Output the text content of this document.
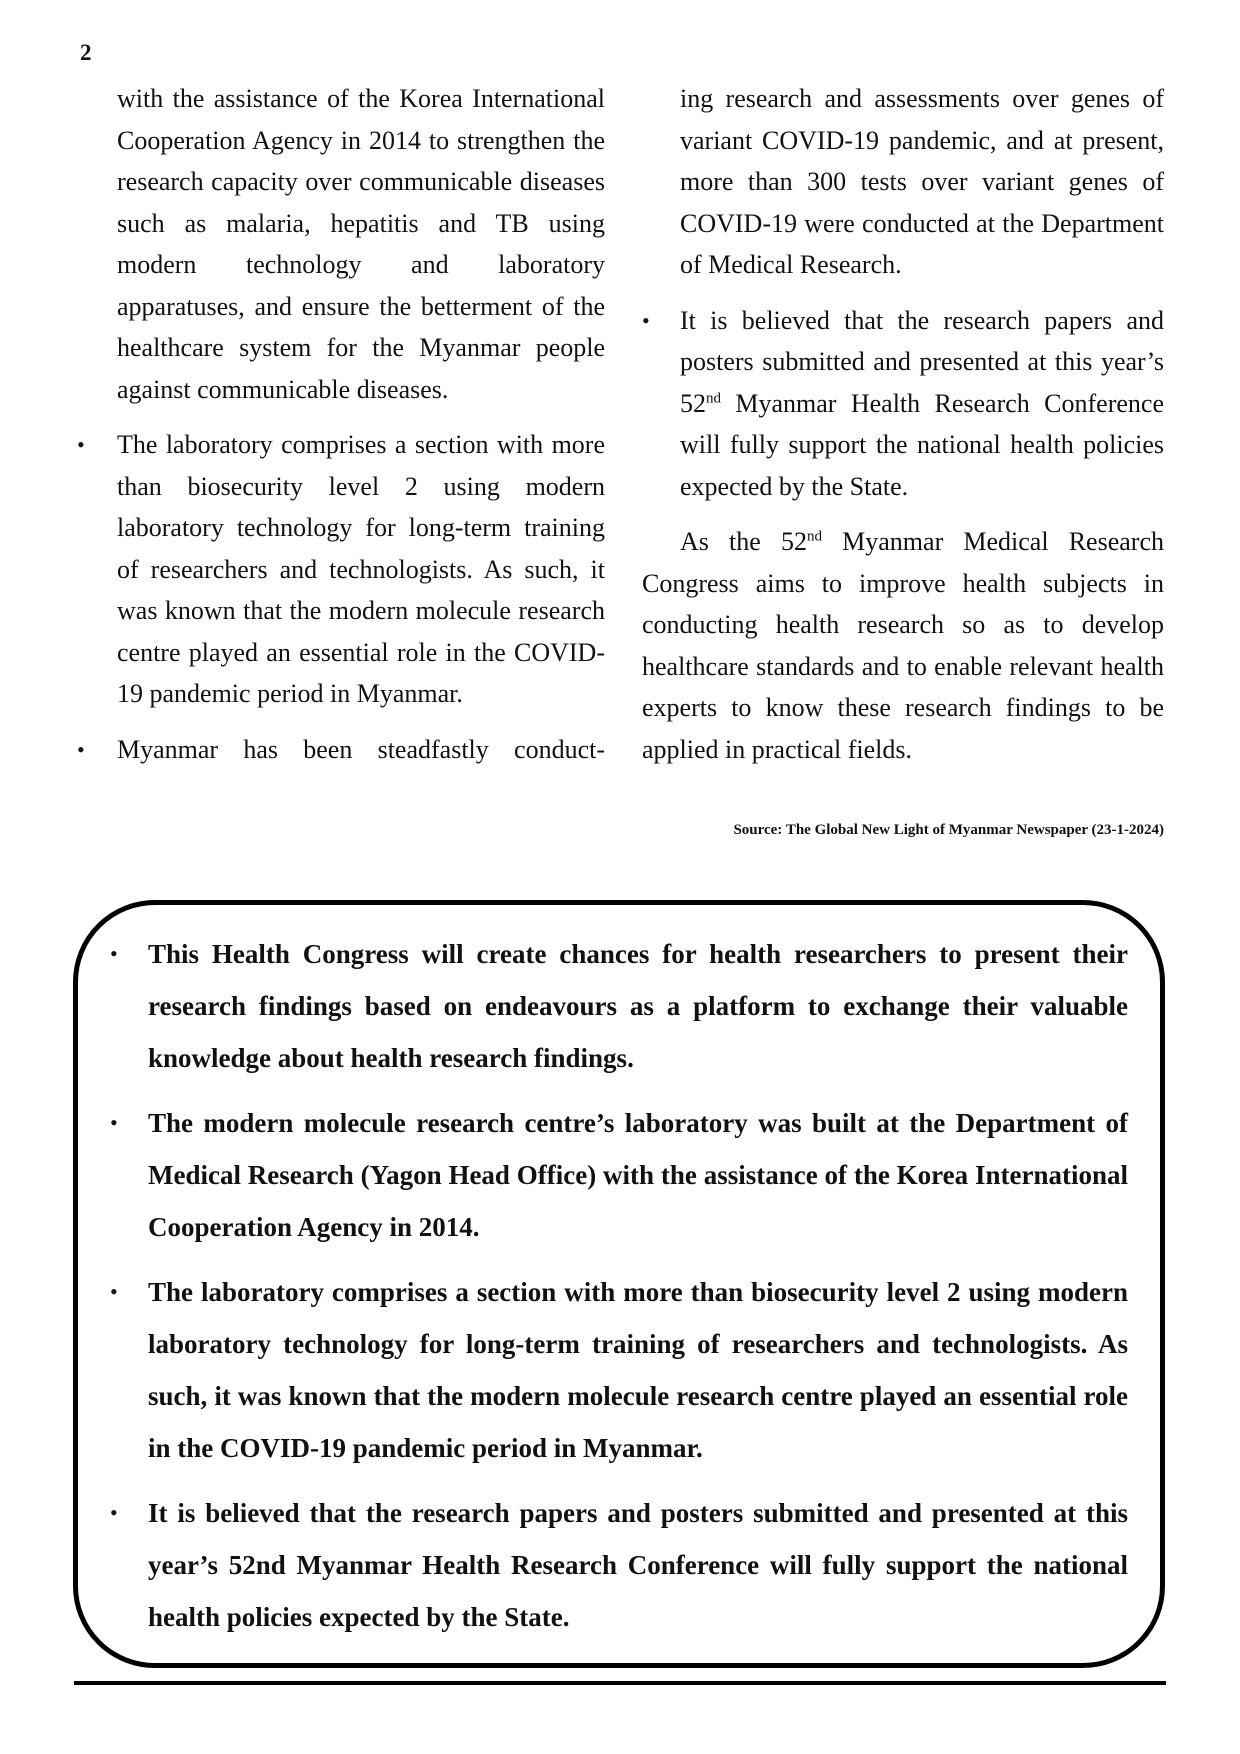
2

with the assistance of the Korea International Cooperation Agency in 2014 to strengthen the research capacity over communicable diseases such as malaria, hepatitis and TB using modern technology and laboratory apparatuses, and ensure the betterment of the healthcare system for the Myanmar people against communicable diseases.

• The laboratory comprises a section with more than biosecurity level 2 using modern laboratory technology for long-term training of researchers and technologists. As such, it was known that the modern molecule research centre played an essential role in the COVID-19 pandemic period in Myanmar.
• Myanmar has been steadfastly conduct-

ing research and assessments over genes of variant COVID-19 pandemic, and at present, more than 300 tests over variant genes of COVID-19 were conducted at the Department of Medical Research.

• It is believed that the research papers and posters submitted and presented at this year’s 52nd Myanmar Health Research Conference will fully support the national health policies expected by the State.

As the 52nd Myanmar Medical Research Congress aims to improve health subjects in conducting health research so as to develop healthcare standards and to enable relevant health experts to know these research findings to be applied in practical fields.

Source: The Global New Light of Myanmar Newspaper (23-1-2024)
• This Health Congress will create chances for health researchers to present their research findings based on endeavours as a platform to exchange their valuable knowledge about health research findings.
• The modern molecule research centre’s laboratory was built at the Department of Medical Research (Yagon Head Office) with the assistance of the Korea International Cooperation Agency in 2014.
• The laboratory comprises a section with more than biosecurity level 2 using modern laboratory technology for long-term training of researchers and technologists. As such, it was known that the modern molecule research centre played an essential role in the COVID-19 pandemic period in Myanmar.
• It is believed that the research papers and posters submitted and presented at this year’s 52nd Myanmar Health Research Conference will fully support the national health policies expected by the State.
